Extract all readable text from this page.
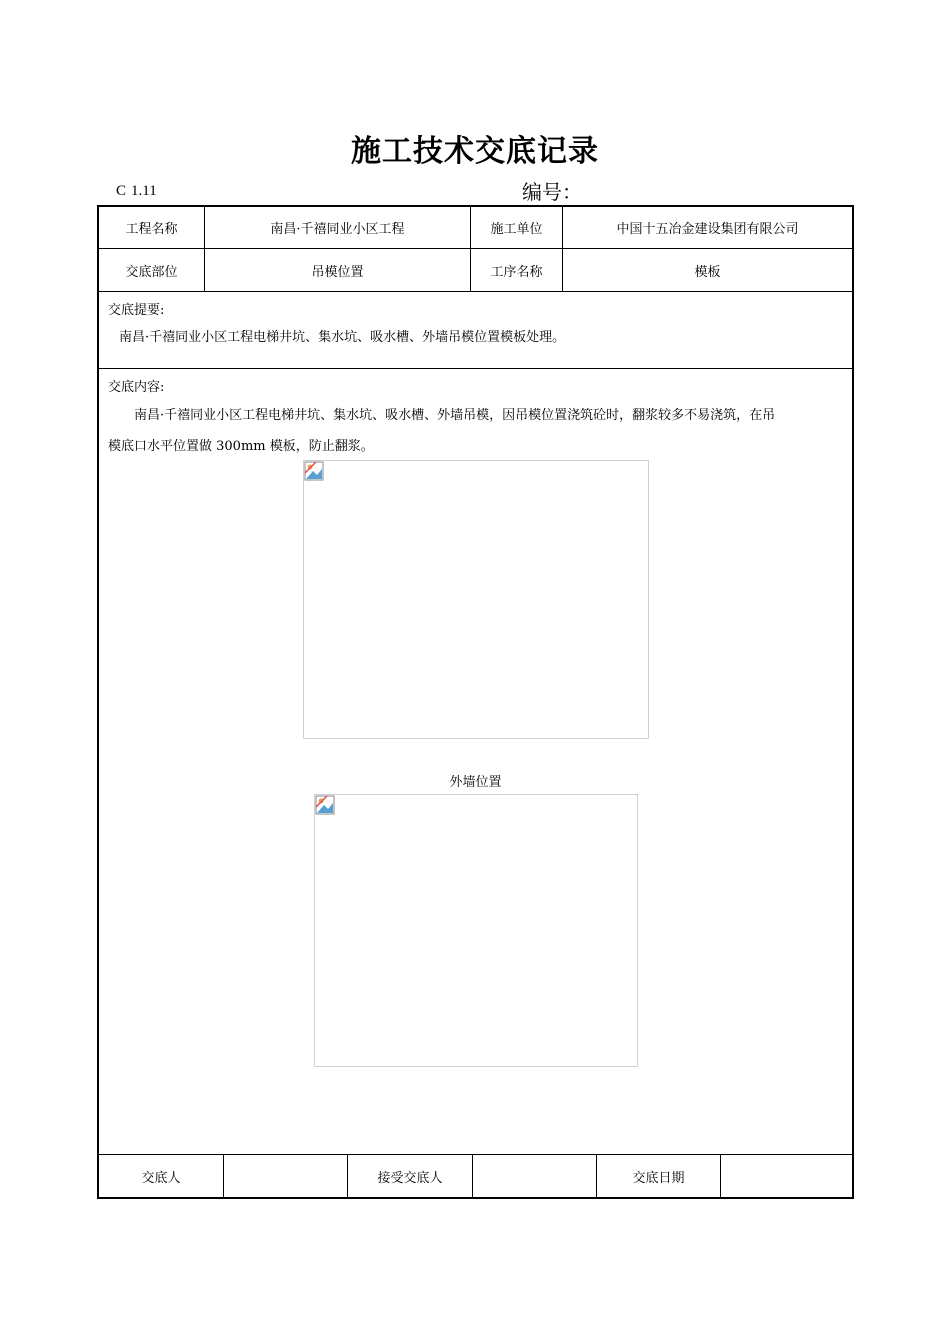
施工技术交底记录
C 1.11	编号：
工程名称	南昌·千禧同业小区工程	施工单位	中国十五冶金建设集团有限公司
交底部位	吊模位置	工序名称	模板
交底提要:
南昌·千禧同业小区工程电梯井坑、集水坑、吸水槽、外墙吊模位置模板处理。
交底内容:
南昌·千禧同业小区工程电梯井坑、集水坑、吸水槽、外墙吊模，因吊模位置浇筑砼时，翻浆较多不易浇筑，在吊
模底口水平位置做 300mm 模板，防止翻浆。
外墙位置
交底人	接受交底人	交底日期
